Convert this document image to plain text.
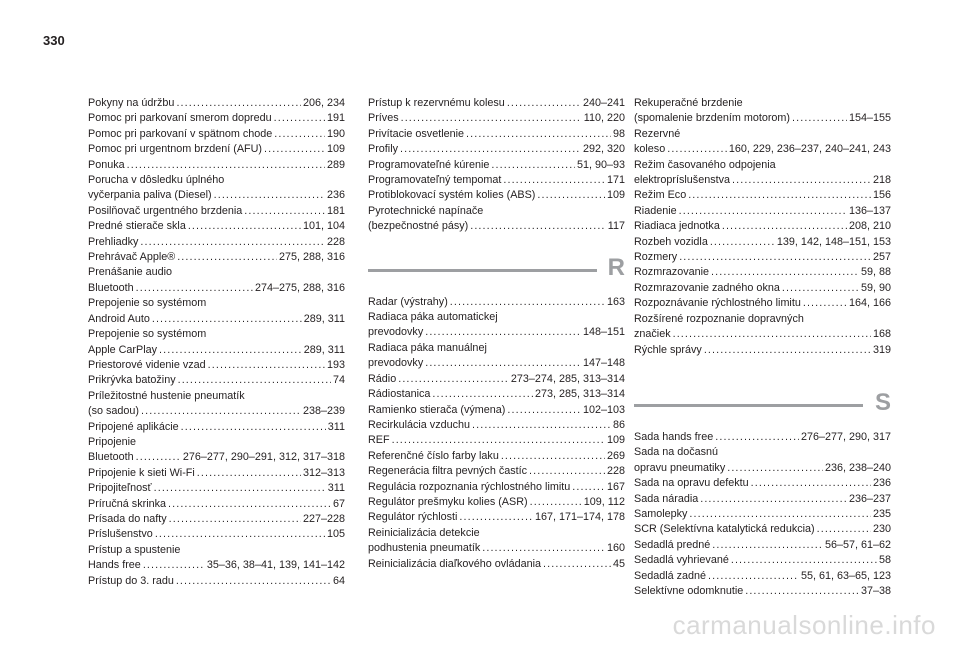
330
Pokyny na údržbu .....	206, 234
Pomoc pri parkovaní smerom dopredu .....	191
Pomoc pri parkovaní v spätnom chode .....	190
Pomoc pri urgentnom brzdení (AFU) .....	109
Ponuka .....	289
Porucha v dôsledku úplného
vyčerpania paliva (Diesel) .....	236
Posilňovač urgentného brzdenia .....	181
Predné stierače skla .....	101, 104
Prehliadky .....	228
Prehrávač Apple® .....	275, 288, 316
Prenášanie audio
Bluetooth .....	274–275, 288, 316
Prepojenie so systémom
Android Auto .....	289, 311
Prepojenie so systémom
Apple CarPlay .....	289, 311
Priestorové videnie vzad .....	193
Prikrývka batožiny .....	74
Príležitostné hustenie pneumatík
(so sadou) .....	238–239
Pripojené aplikácie .....	311
Pripojenie
Bluetooth .....	276–277, 290–291, 312, 317–318
Pripojenie k sieti Wi-Fi .....	312–313
Pripojiteľnosť .....	311
Príručná skrinka .....	67
Prísada do nafty .....	227–228
Príslušenstvo .....	105
Prístup a spustenie
Hands free .....	35–36, 38–41, 139, 141–142
Prístup do 3. radu .....	64
Prístup k rezervnému kolesu .....	240–241
Príves .....	110, 220
Privítacie osvetlenie .....	98
Profily .....	292, 320
Programovateľné kúrenie .....	51, 90–93
Programovateľný tempomat .....	171
Protiblokovací systém kolies (ABS) .....	109
Pyrotechnické napínače
(bezpečnostné pásy) .....	117
R
Radar (výstrahy) .....	163
Radiaca páka automatickej
prevodovky .....	148–151
Radiaca páka manuálnej
prevodovky .....	147–148
Rádio .....	273–274, 285, 313–314
Rádiostanica .....	273, 285, 313–314
Ramienko stierača (výmena) .....	102–103
Recirkulácia vzduchu .....	86
REF .....	109
Referenčné číslo farby laku .....	269
Regenerácia filtra pevných častíc .....	228
Regulácia rozpoznania rýchlostného limitu .....	167
Regulátor prešmyku kolies (ASR) .....	109, 112
Regulátor rýchlosti .....	167, 171–174, 178
Reinicializácia detekcie
podhustenia pneumatík .....	160
Reinicializácia diaľkového ovládania .....	45
Rekuperačné brzdenie
(spomalenie brzdením motorom) .....	154–155
Rezervné
koleso .....	160, 229, 236–237, 240–241, 243
Režim časovaného odpojenia
elektropríslušenstva .....	218
Režim Eco .....	156
Riadenie .....	136–137
Riadiaca jednotka .....	208, 210
Rozbeh vozidla .....	139, 142, 148–151, 153
Rozmery .....	257
Rozmrazovanie .....	59, 88
Rozmrazovanie zadného okna .....	59, 90
Rozpoznávanie rýchlostného limitu .....	164, 166
Rozšírené rozpoznanie dopravných
značiek .....	168
Rýchle správy .....	319
S
Sada hands free .....	276–277, 290, 317
Sada na dočasnú
opravu pneumatiky .....	236, 238–240
Sada na opravu defektu .....	236
Sada náradia .....	236–237
Samolepky .....	235
SCR (Selektívna katalytická redukcia) .....	230
Sedadlá predné .....	56–57, 61–62
Sedadlá vyhrievané .....	58
Sedadlá zadné .....	55, 61, 63–65, 123
Selektívne odomknutie .....	37–38
carmanualsonline.info
